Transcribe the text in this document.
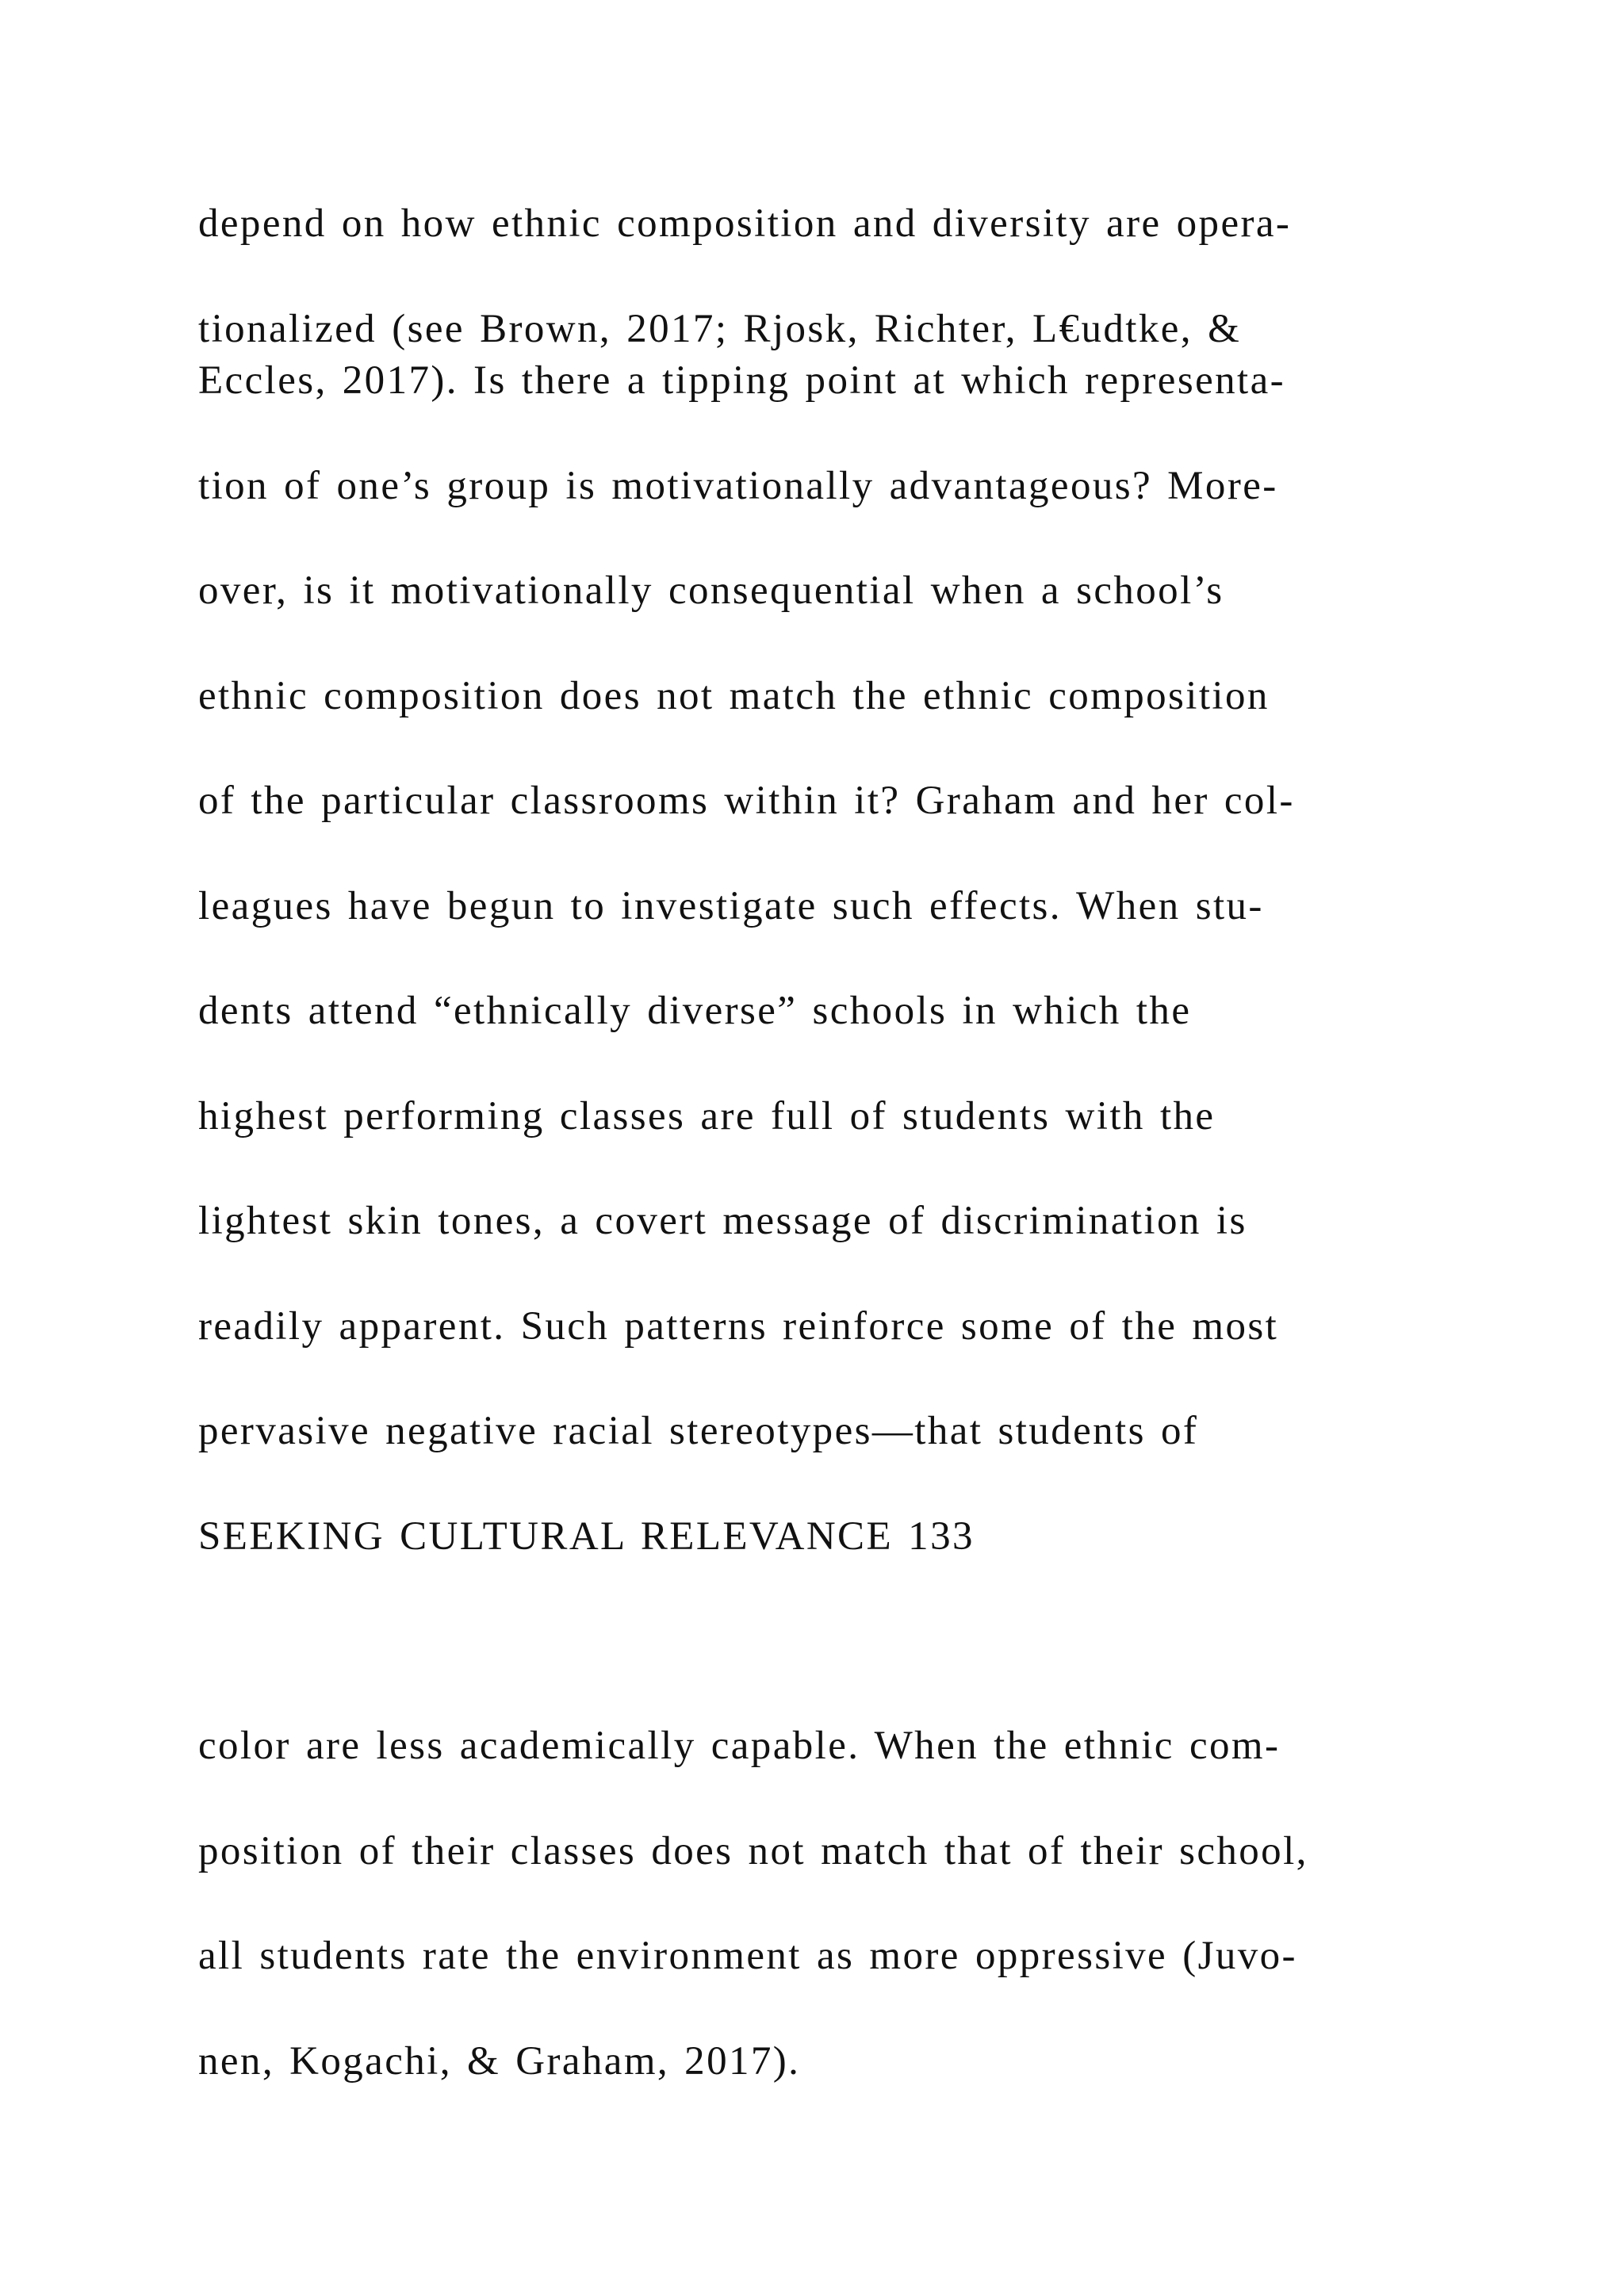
depend on how ethnic composition and diversity are opera-

tionalized (see Brown, 2017; Rjosk, Richter, L€udtke, &

Eccles, 2017). Is there a tipping point at which representa-

tion of one’s group is motivationally advantageous? More-

over, is it motivationally consequential when a school’s

ethnic composition does not match the ethnic composition

of the particular classrooms within it? Graham and her col-

leagues have begun to investigate such effects. When stu-

dents attend “ethnically diverse” schools in which the

highest performing classes are full of students with the

lightest skin tones, a covert message of discrimination is

readily apparent. Such patterns reinforce some of the most

pervasive negative racial stereotypes—that students of

SEEKING CULTURAL RELEVANCE 133

color are less academically capable. When the ethnic com-

position of their classes does not match that of their school,

all students rate the environment as more oppressive (Juvo-

nen, Kogachi, & Graham, 2017).
